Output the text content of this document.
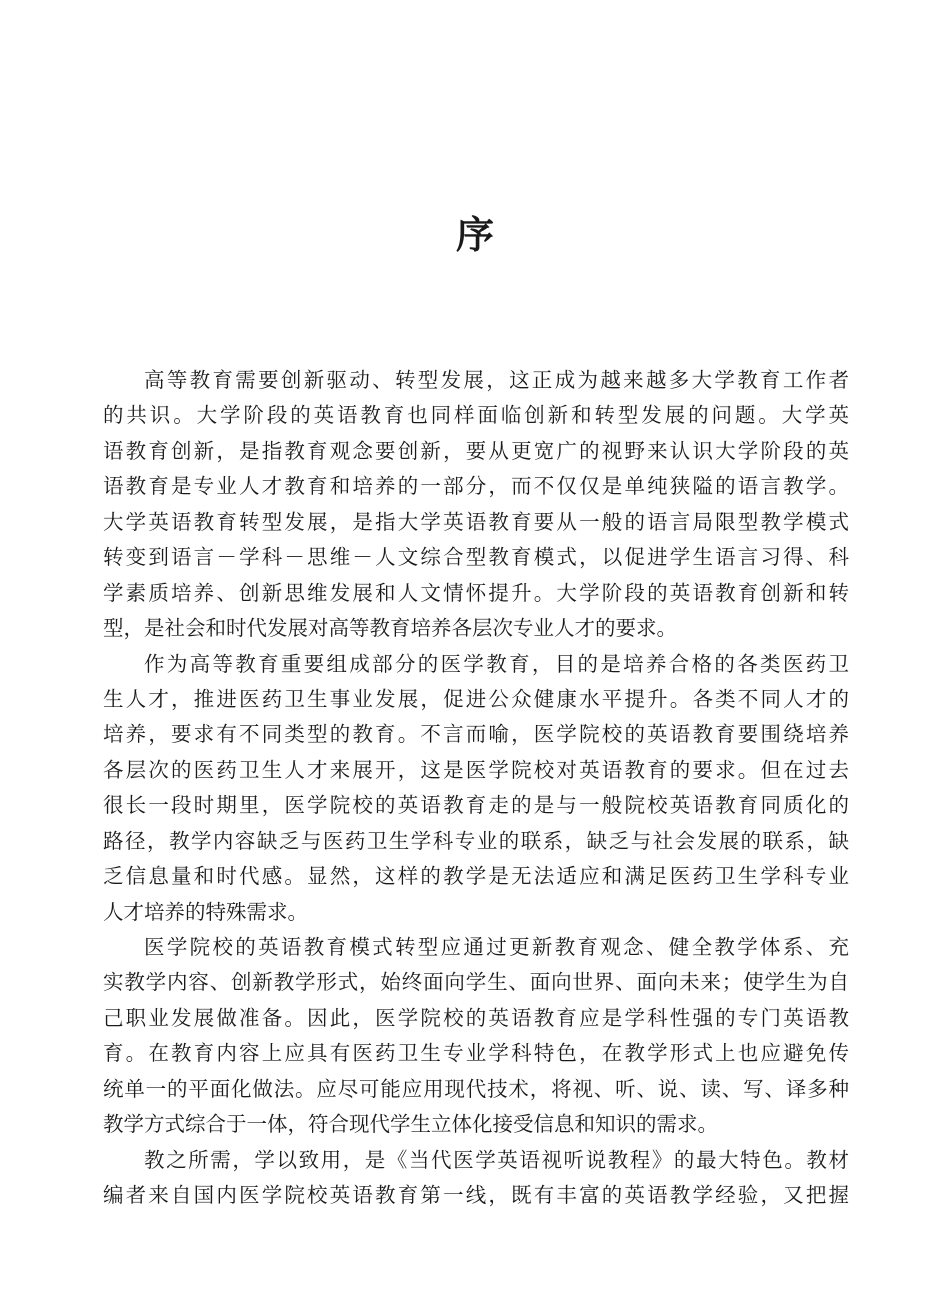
序
高等教育需要创新驱动、转型发展，这正成为越来越多大学教育工作者
的共识。大学阶段的英语教育也同样面临创新和转型发展的问题。大学英
语教育创新，是指教育观念要创新，要从更宽广的视野来认识大学阶段的英
语教育是专业人才教育和培养的一部分，而不仅仅是单纯狭隘的语言教学。
大学英语教育转型发展，是指大学英语教育要从一般的语言局限型教学模式
转变到语言－学科－思维－人文综合型教育模式，以促进学生语言习得、科
学素质培养、创新思维发展和人文情怀提升。大学阶段的英语教育创新和转
型，是社会和时代发展对高等教育培养各层次专业人才的要求。
作为高等教育重要组成部分的医学教育，目的是培养合格的各类医药卫
生人才，推进医药卫生事业发展，促进公众健康水平提升。各类不同人才的
培养，要求有不同类型的教育。不言而喻，医学院校的英语教育要围绕培养
各层次的医药卫生人才来展开，这是医学院校对英语教育的要求。但在过去
很长一段时期里，医学院校的英语教育走的是与一般院校英语教育同质化的
路径，教学内容缺乏与医药卫生学科专业的联系，缺乏与社会发展的联系，缺
乏信息量和时代感。显然，这样的教学是无法适应和满足医药卫生学科专业
人才培养的特殊需求。
医学院校的英语教育模式转型应通过更新教育观念、健全教学体系、充
实教学内容、创新教学形式，始终面向学生、面向世界、面向未来；使学生为自
己职业发展做准备。因此，医学院校的英语教育应是学科性强的专门英语教
育。在教育内容上应具有医药卫生专业学科特色，在教学形式上也应避免传
统单一的平面化做法。应尽可能应用现代技术，将视、听、说、读、写、译多种
教学方式综合于一体，符合现代学生立体化接受信息和知识的需求。
教之所需，学以致用，是《当代医学英语视听说教程》的最大特色。教材
编者来自国内医学院校英语教育第一线，既有丰富的英语教学经验，又把握
